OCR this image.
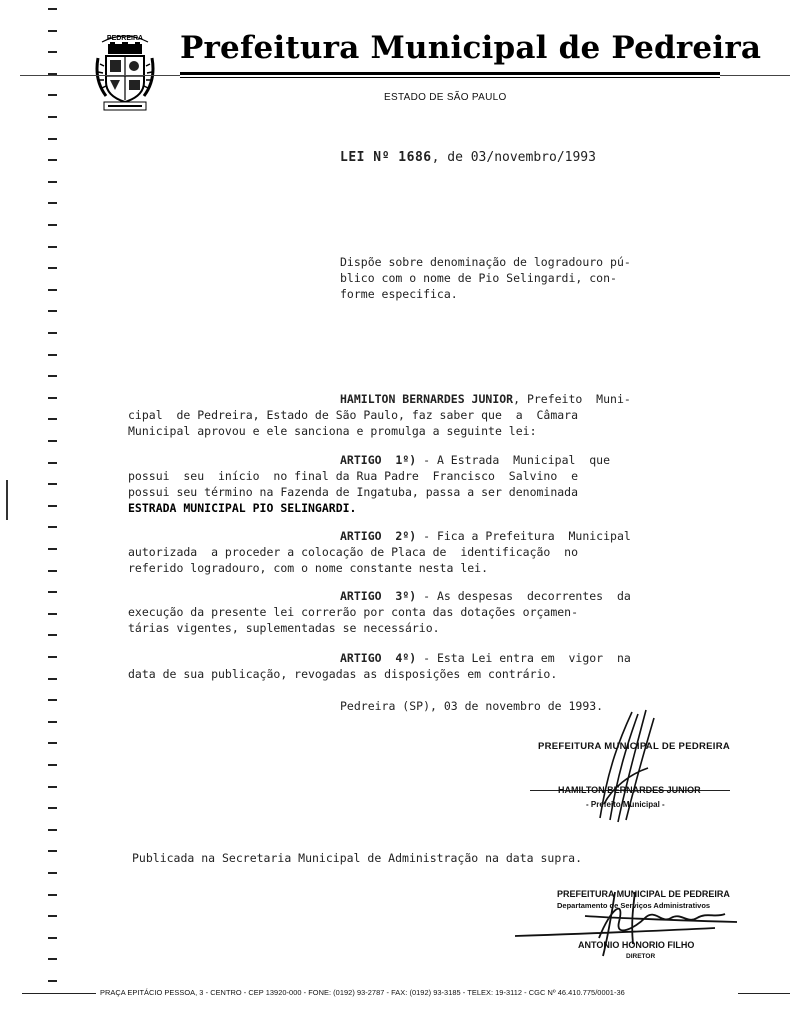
PEDREIRA Prefeitura Municipal de Pedreira
ESTADO DE SÃO PAULO
LEI Nº 1686, de 03/novembro/1993
Dispõe sobre denominação de logradouro pú-
blico com o nome de Pio Selingardi, con-
forme especifica.
HAMILTON BERNARDES JUNIOR, Prefeito  Muni-
cipal  de Pedreira, Estado de São Paulo, faz saber que  a  Câmara
Municipal aprovou e ele sanciona e promulga a seguinte lei:
ARTIGO  1º) - A Estrada  Municipal  que
possui  seu  início  no final da Rua Padre  Francisco  Salvino  e
possui seu término na Fazenda de Ingatuba, passa a ser denominada
ESTRADA MUNICIPAL PIO SELINGARDI.
ARTIGO  2º) - Fica a Prefeitura  Municipal
autorizada  a proceder a colocação de Placa de  identificação  no
referido logradouro, com o nome constante nesta lei.
ARTIGO  3º) - As despesas  decorrentes  da
execução da presente lei correrão por conta das dotações orçamen-
tárias vigentes, suplementadas se necessário.
ARTIGO  4º) - Esta Lei entra em  vigor  na
data de sua publicação, revogadas as disposições em contrário.
Pedreira (SP), 03 de novembro de 1993.
PREFEITURA MUNICIPAL DE PEDREIRA
HAMILTON BERNARDES JUNIOR
- Prefeito Municipal -
Publicada na Secretaria Municipal de Administração na data supra.
PREFEITURA MUNICIPAL DE PEDREIRA
Departamento de Serviços Administrativos
ANTONIO HONORIO FILHO
DIRETOR
PRAÇA EPITÁCIO PESSOA, 3 - CENTRO - CEP 13920-000 - FONE: (0192) 93-2787 - FAX: (0192) 93-3185 - TELEX: 19-3112 - CGC Nº 46.410.775/0001-36
